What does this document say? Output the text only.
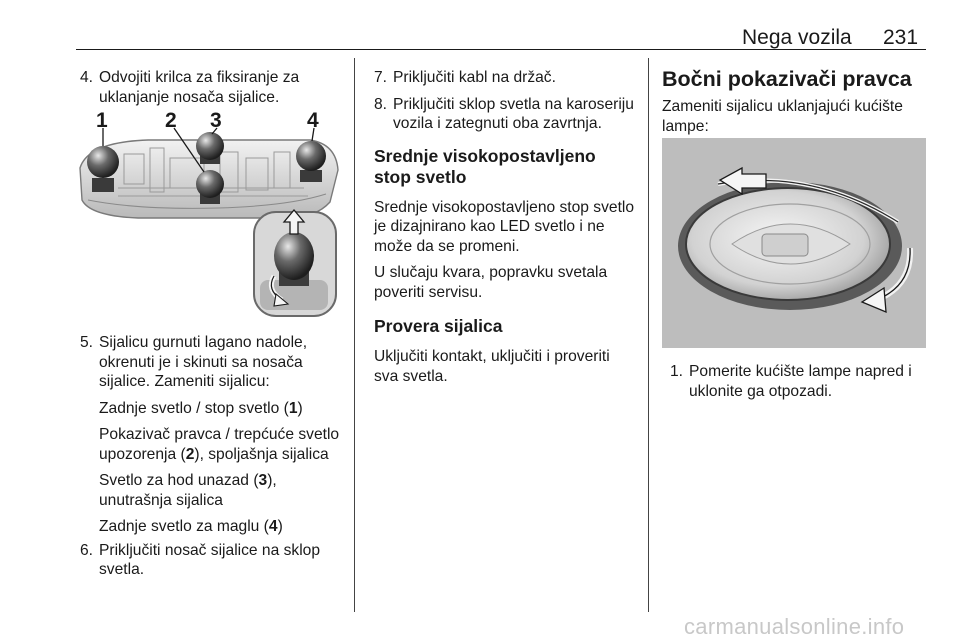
Nega vozila 231
4. Odvojiti krilca za fiksiranje za uklanjanje nosača sijalice.
1	2 3	4
5. Sijalicu gurnuti lagano nadole, okrenuti je i skinuti sa nosača sijalice. Zameniti sijalicu:
Zadnje svetlo / stop svetlo (1)
Pokazivač pravca / trepćuće svetlo upozorenja (2), spoljašnja sijalica
Svetlo za hod unazad (3), unutrašnja sijalica
Zadnje svetlo za maglu (4)
6. Priključiti nosač sijalice na sklop svetla.
7. Priključiti kabl na držač.
8. Priključiti sklop svetla na karoseriju vozila i zategnuti oba zavrtnja.
Srednje visokopostavljeno stop svetlo
Srednje visokopostavljeno stop svetlo je dizajnirano kao LED svetlo i ne može da se promeni.
U slučaju kvara, popravku svetala poveriti servisu.
Provera sijalica
Uključiti kontakt, uključiti i proveriti sva svetla.
Bočni pokazivači pravca
Zameniti sijalicu uklanjajući kućište lampe:
1. Pomerite kućište lampe napred i uklonite ga otpozadi.
carmanualsonline.info
